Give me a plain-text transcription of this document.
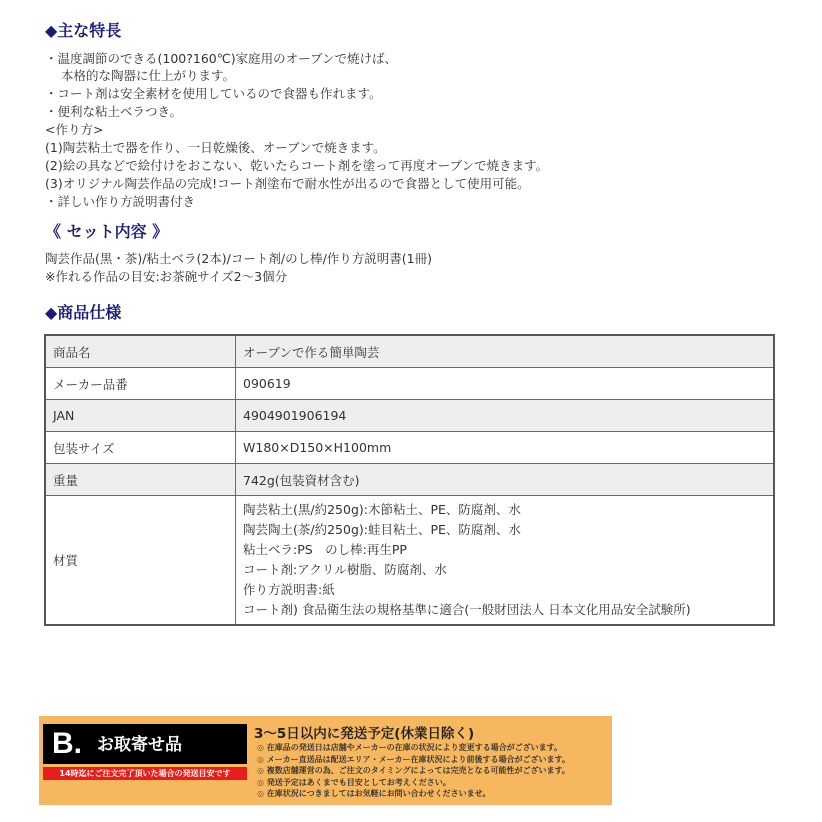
◆主な特長
・温度調節のできる(100?160℃)家庭用のオーブンで焼けば、
本格的な陶器に仕上がります。
・コート剤は安全素材を使用しているので食器も作れます。
・便利な粘土ベラつき。
<作り方>
(1)陶芸粘土で器を作り、一日乾燥後、オーブンで焼きます。
(2)絵の具などで絵付けをおこない、乾いたらコート剤を塗って再度オーブンで焼きます。
(3)オリジナル陶芸作品の完成!コート剤塗布で耐水性が出るので食器として使用可能。
・詳しい作り方説明書付き
《 セット内容 》
陶芸作品(黒・茶)/粘土ベラ(2本)/コート剤/のし棒/作り方説明書(1冊)
※作れる作品の目安:お茶碗サイズ2～3個分
◆商品仕様
商品名	オーブンで作る簡単陶芸
メーカー品番	090619
JAN	4904901906194
包装サイズ	W180×D150×H100mm
重量	742g(包装資材含む)
材質	
陶芸粘土(黒/約250g):木節粘土、PE、防腐剤、水
陶芸陶土(茶/約250g):蛙目粘土、PE、防腐剤、水
粘土ベラ:PS　のし棒:再生PP
コート剤:アクリル樹脂、防腐剤、水
作り方説明書:紙
コート剤) 食品衛生法の規格基準に適合(一般財団法人 日本文化用品安全試験所)
B. お取寄せ品
14時迄にご注文完了頂いた場合の発送目安です
3～5日以内に発送予定(休業日除く)
◎ 在庫品の発送日は店舗やメーカーの在庫の状況により変更する場合がございます。
◎ メーカー直送品は配送エリア・メーカー在庫状況により前後する場合がございます。
◎ 複数店舗運営の為、ご注文のタイミングによっては完売となる可能性がございます。
◎ 発送予定はあくまでも目安としてお考えください。
◎ 在庫状況につきましてはお気軽にお問い合わせくださいませ。
